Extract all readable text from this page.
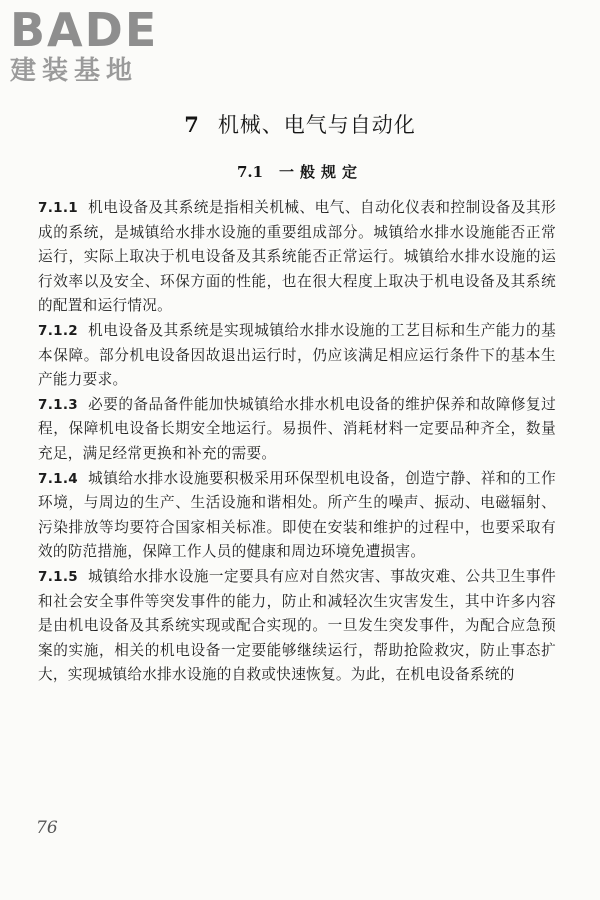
BADE
建装基地
7 机械、电气与自动化
7.1 一般规定

7.1.1 机电设备及其系统是指相关机械、电气、自动化仪表和控制设备及其形成的系统，是城镇给水排水设施的重要组成部分。城镇给水排水设施能否正常运行，实际上取决于机电设备及其系统能否正常运行。城镇给水排水设施的运行效率以及安全、环保方面的性能，也在很大程度上取决于机电设备及其系统的配置和运行情况。

7.1.2 机电设备及其系统是实现城镇给水排水设施的工艺目标和生产能力的基本保障。部分机电设备因故退出运行时，仍应该满足相应运行条件下的基本生产能力要求。

7.1.3 必要的备品备件能加快城镇给水排水机电设备的维护保养和故障修复过程，保障机电设备长期安全地运行。易损件、消耗材料一定要品种齐全，数量充足，满足经常更换和补充的需要。

7.1.4 城镇给水排水设施要积极采用环保型机电设备，创造宁静、祥和的工作环境，与周边的生产、生活设施和谐相处。所产生的噪声、振动、电磁辐射、污染排放等均要符合国家相关标准。即使在安装和维护的过程中，也要采取有效的防范措施，保障工作人员的健康和周边环境免遭损害。

7.1.5 城镇给水排水设施一定要具有应对自然灾害、事故灾难、公共卫生事件和社会安全事件等突发事件的能力，防止和减轻次生灾害发生，其中许多内容是由机电设备及其系统实现或配合实现的。一旦发生突发事件，为配合应急预案的实施，相关的机电设备一定要能够继续运行，帮助抢险救灾，防止事态扩大，实现城镇给水排水设施的自救或快速恢复。为此，在机电设备系统的

76
